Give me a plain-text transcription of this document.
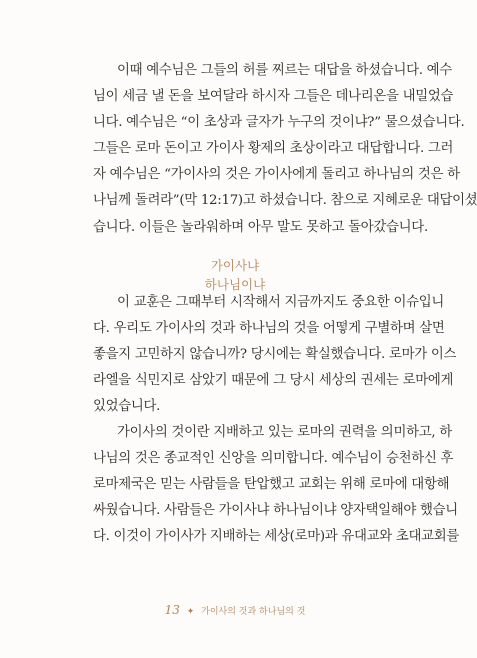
이때 예수님은 그들의 허를 찌르는 대답을 하셨습니다. 예수
님이 세금 낼 돈을 보여달라 하시자 그들은 데나리온을 내밀었습
니다. 예수님은 “이 초상과 글자가 누구의 것이냐?” 물으셨습니다.
그들은 로마 돈이고 가이사 황제의 초상이라고 대답합니다. 그러
자 예수님은 “가이사의 것은 가이사에게 돌리고 하나님의 것은 하
나님께 돌려라”(막 12:17)고 하셨습니다. 참으로 지혜로운 대답이셨
습니다. 이들은 놀라워하며 아무 말도 못하고 돌아갔습니다.
가이사냐
하나님이냐
이 교훈은 그때부터 시작해서 지금까지도 중요한 이슈입니
다. 우리도 가이사의 것과 하나님의 것을 어떻게 구별하며 살면
좋을지 고민하지 않습니까? 당시에는 확실했습니다. 로마가 이스
라엘을 식민지로 삼았기 때문에 그 당시 세상의 권세는 로마에게
있었습니다.
가이사의 것이란 지배하고 있는 로마의 권력을 의미하고, 하
나님의 것은 종교적인 신앙을 의미합니다. 예수님이 승천하신 후
로마제국은 믿는 사람들을 탄압했고 교회는 위해 로마에 대항해
싸웠습니다. 사람들은 가이사냐 하나님이냐 양자택일해야 했습니
다. 이것이 가이사가 지배하는 세상(로마)과 유대교와 초대교회를
13 ✦ 가이사의 것과 하나님의 것
